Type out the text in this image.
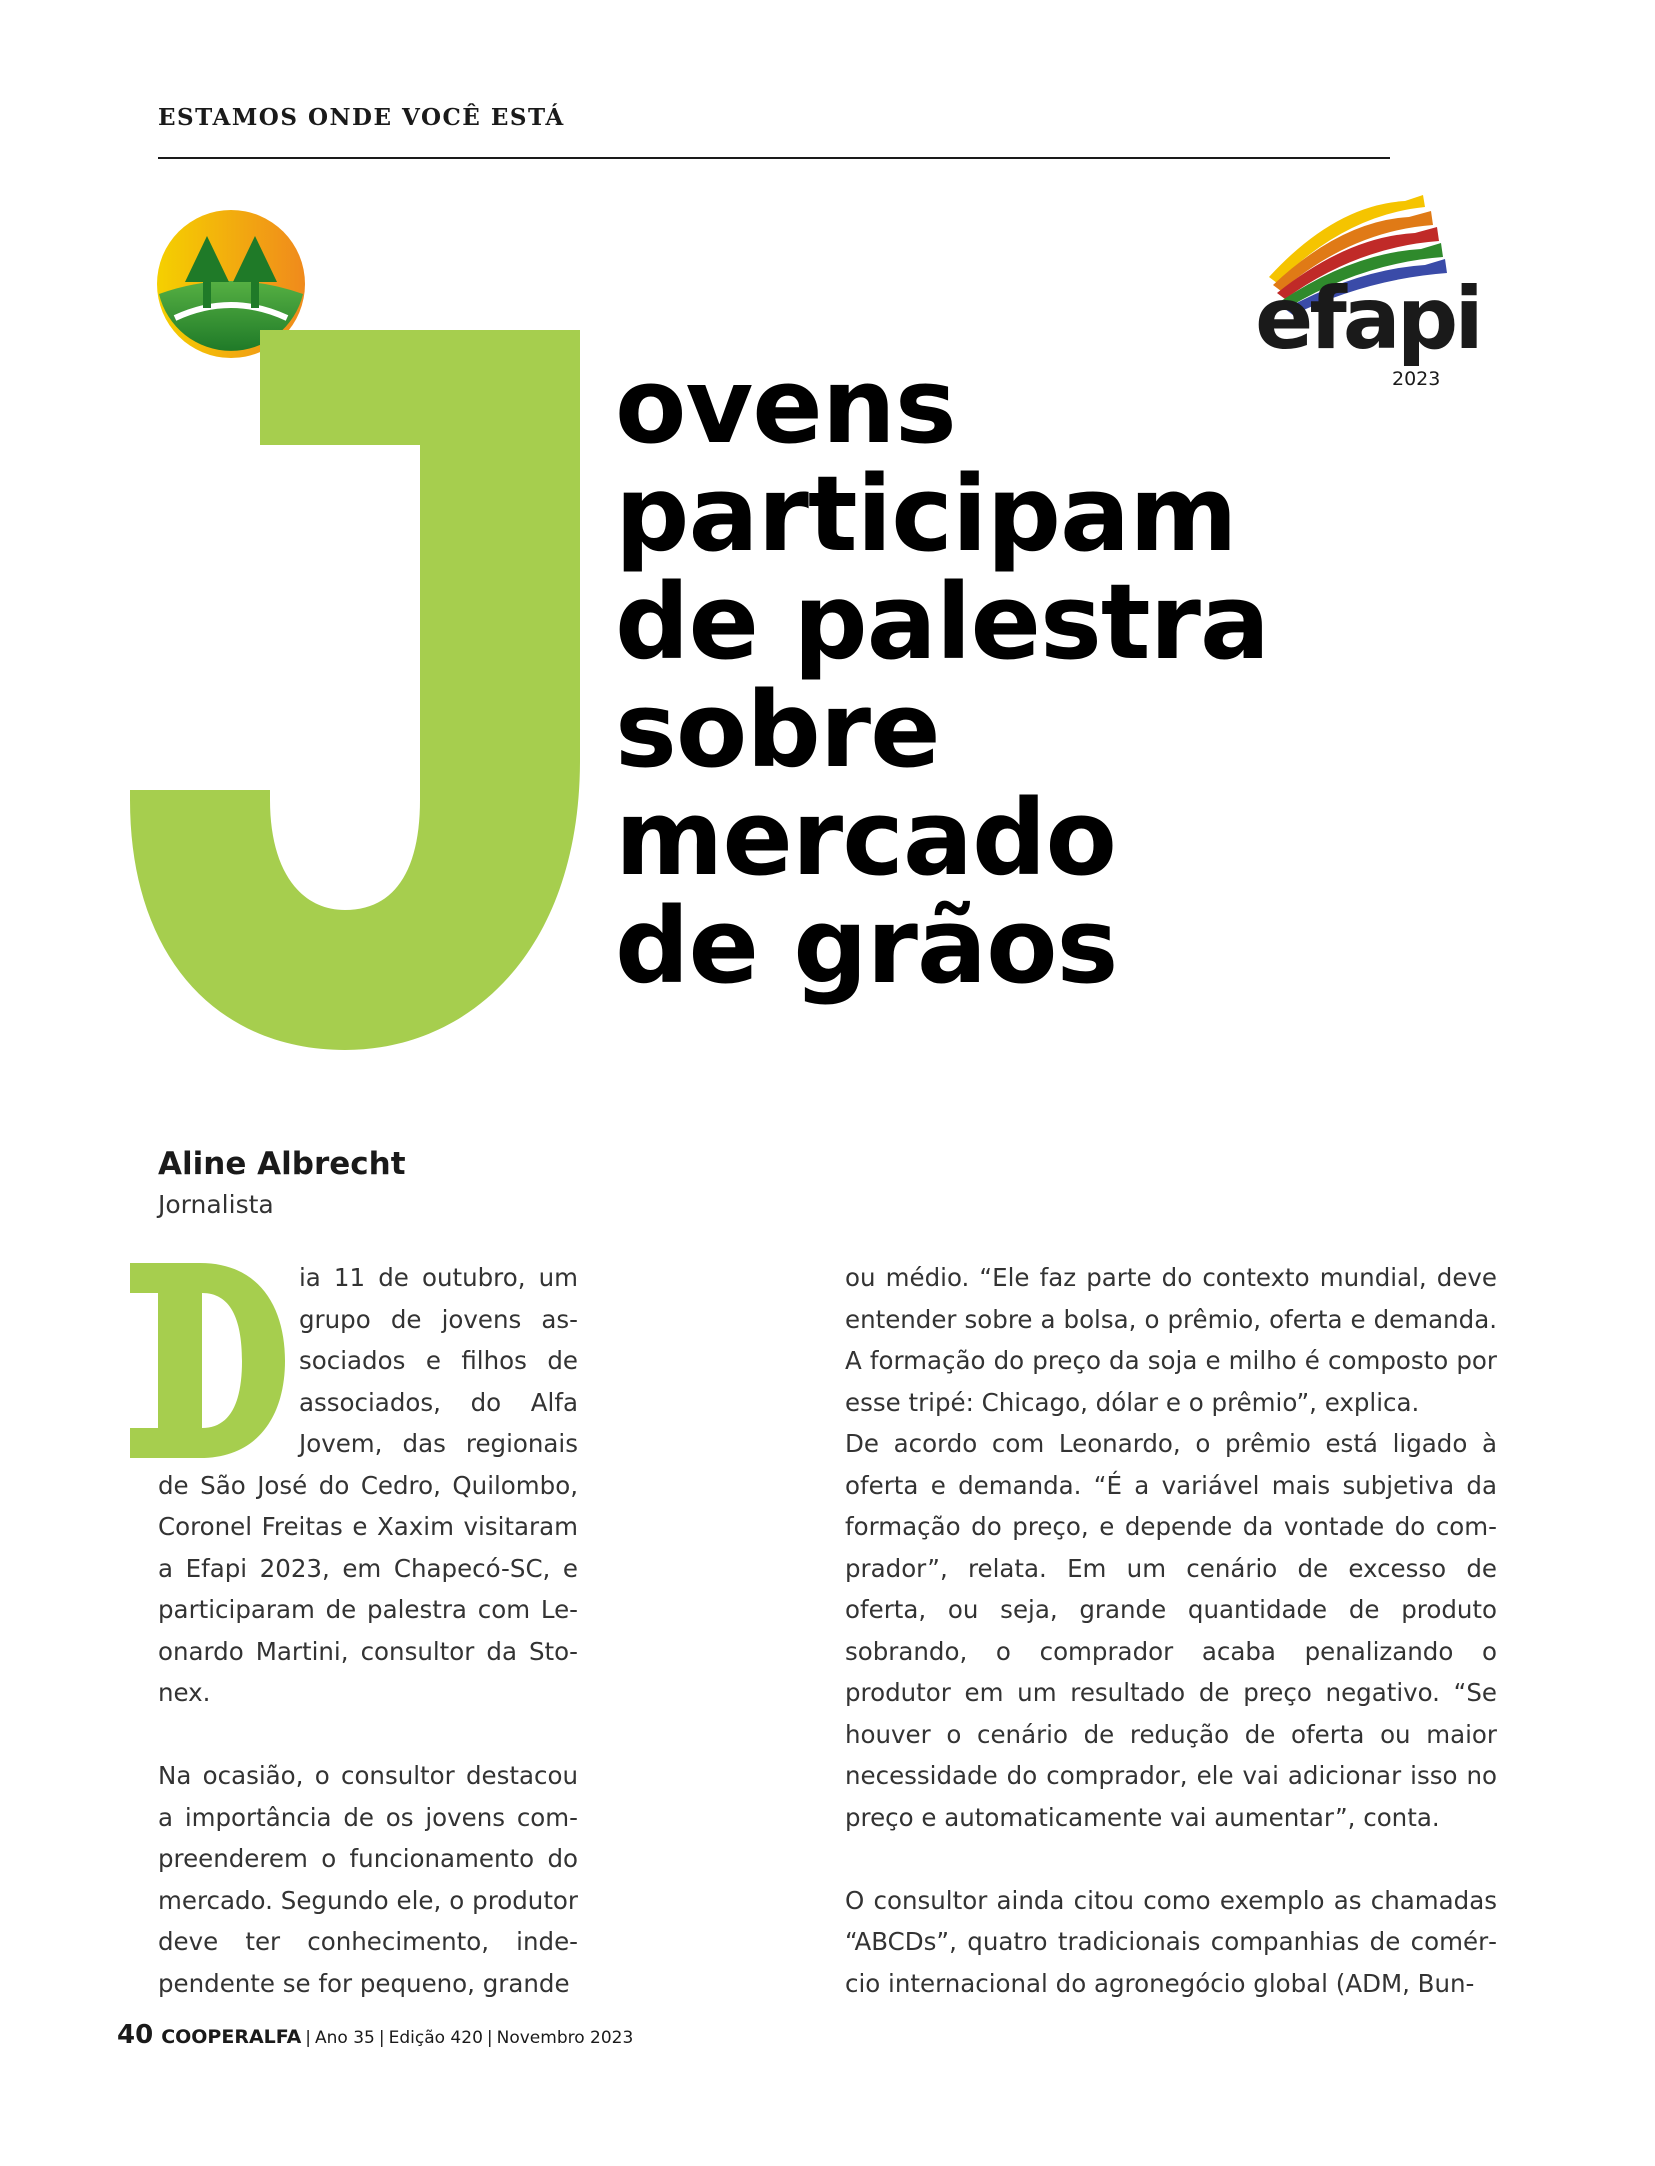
ESTAMOS ONDE VOCÊ ESTÁ
efapi
2023
ovens
participam
de palestra
sobre
mercado
de grãos
Aline Albrecht
Jornalista

ia 11 de outubro, um grupo de jovens associados e filhos de associados, do Alfa Jovem, das regionais de São José do Cedro, Quilombo, Coronel Freitas e Xaxim visitaram a Efapi 2023, em Chapecó-SC, e participaram de palestra com Leonardo Martini, consultor da Stonex.

Na ocasião, o consultor destacou a importância de os jovens compreenderem o funcionamento do mercado. Segundo ele, o produtor deve ter conhecimento, independente se for pequeno, grande

ou médio. “Ele faz parte do contexto mundial, deve entender sobre a bolsa, o prêmio, oferta e demanda. A formação do preço da soja e milho é composto por esse tripé: Chicago, dólar e o prêmio”, explica.

De acordo com Leonardo, o prêmio está ligado à oferta e demanda. “É a variável mais subjetiva da formação do preço, e depende da vontade do comprador”, relata. Em um cenário de excesso de oferta, ou seja, grande quantidade de produto sobrando, o comprador acaba penalizando o produtor em um resultado de preço negativo. “Se houver o cenário de redução de oferta ou maior necessidade do comprador, ele vai adicionar isso no preço e automaticamente vai aumentar”, conta.

O consultor ainda citou como exemplo as chamadas “ABCDs”, quatro tradicionais companhias de comércio internacional do agronegócio global (ADM, Bun-

40 COOPERALFA | Ano 35 | Edição 420 | Novembro 2023
